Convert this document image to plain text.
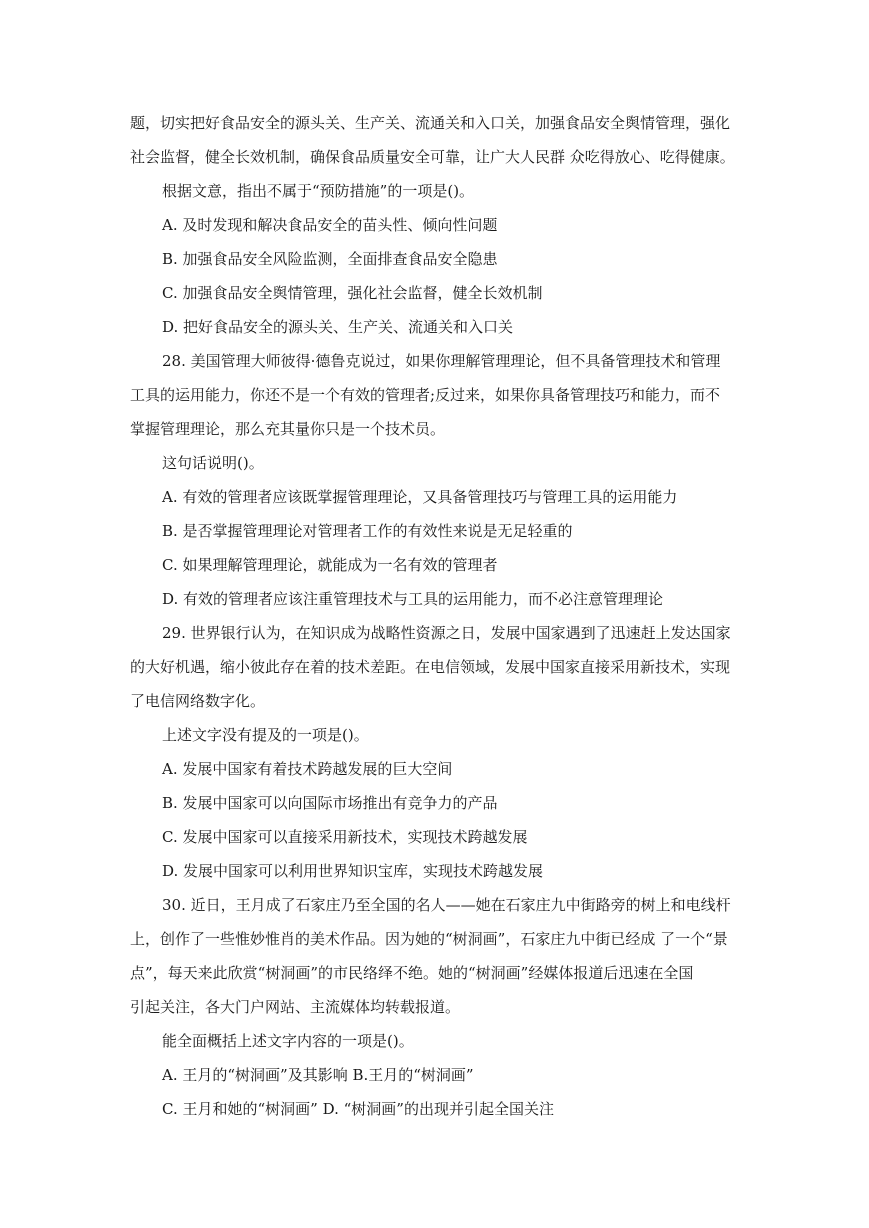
题，切实把好食品安全的源头关、生产关、流通关和入口关，加强食品安全舆情管理，强化
社会监督，健全长效机制，确保食品质量安全可靠，让广大人民群 众吃得放心、吃得健康。
根据文意，指出不属于“预防措施”的一项是()。
A. 及时发现和解决食品安全的苗头性、倾向性问题
B. 加强食品安全风险监测，全面排查食品安全隐患
C. 加强食品安全舆情管理，强化社会监督，健全长效机制
D. 把好食品安全的源头关、生产关、流通关和入口关
28. 美国管理大师彼得·德鲁克说过，如果你理解管理理论，但不具备管理技术和管理
工具的运用能力，你还不是一个有效的管理者;反过来，如果你具备管理技巧和能力，而不
掌握管理理论，那么充其量你只是一个技术员。
这句话说明()。
A. 有效的管理者应该既掌握管理理论，又具备管理技巧与管理工具的运用能力
B. 是否掌握管理理论对管理者工作的有效性来说是无足轻重的
C. 如果理解管理理论，就能成为一名有效的管理者
D. 有效的管理者应该注重管理技术与工具的运用能力，而不必注意管理理论
29. 世界银行认为，在知识成为战略性资源之日，发展中国家遇到了迅速赶上发达国家
的大好机遇，缩小彼此存在着的技术差距。在电信领域，发展中国家直接采用新技术，实现
了电信网络数字化。
上述文字没有提及的一项是()。
A. 发展中国家有着技术跨越发展的巨大空间
B. 发展中国家可以向国际市场推出有竞争力的产品
C. 发展中国家可以直接采用新技术，实现技术跨越发展
D. 发展中国家可以利用世界知识宝库，实现技术跨越发展
30. 近日，王月成了石家庄乃至全国的名人——她在石家庄九中街路旁的树上和电线杆
上，创作了一些惟妙惟肖的美术作品。因为她的“树洞画”，石家庄九中街已经成 了一个“景
点”，每天来此欣赏“树洞画”的市民络绎不绝。她的“树洞画”经媒体报道后迅速在全国
引起关注，各大门户网站、主流媒体均转载报道。
能全面概括上述文字内容的一项是()。
A. 王月的“树洞画”及其影响 B.王月的“树洞画”
C. 王月和她的“树洞画” D. “树洞画”的出现并引起全国关注
